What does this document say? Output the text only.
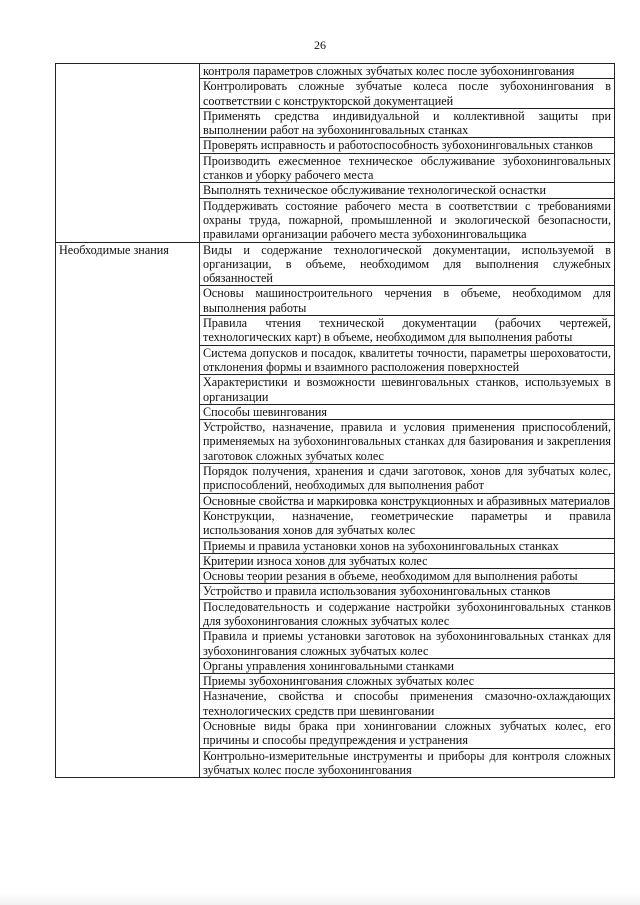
26
	контроля параметров сложных зубчатых колес после зубохонингования
	Контролировать сложные зубчатые колеса после зубохонингования в соответствии с конструкторской документацией
	Применять средства индивидуальной и коллективной защиты при выполнении работ на зубохонинговальных станках
	Проверять исправность и работоспособность зубохонинговальных станков
	Производить ежесменное техническое обслуживание зубохонинговальных станков и уборку рабочего места
	Выполнять техническое обслуживание технологической оснастки
	Поддерживать состояние рабочего места в соответствии с требованиями охраны труда, пожарной, промышленной и экологической безопасности, правилами организации рабочего места зубохонинговальщика
Необходимые знания	Виды и содержание технологической документации, используемой в организации, в объеме, необходимом для выполнения служебных обязанностей
	Основы машиностроительного черчения в объеме, необходимом для выполнения работы
	Правила чтения технической документации (рабочих чертежей, технологических карт) в объеме, необходимом для выполнения работы
	Система допусков и посадок, квалитеты точности, параметры шероховатости, отклонения формы и взаимного расположения поверхностей
	Характеристики и возможности шевинговальных станков, используемых в организации
	Способы шевингования
	Устройство, назначение, правила и условия применения приспособлений, применяемых на зубохонинговальных станках для базирования и закрепления заготовок сложных зубчатых колес
	Порядок получения, хранения и сдачи заготовок, хонов для зубчатых колес, приспособлений, необходимых для выполнения работ
	Основные свойства и маркировка конструкционных и абразивных материалов
	Конструкции, назначение, геометрические параметры и правила использования хонов для зубчатых колес
	Приемы и правила установки хонов на зубохонинговальных станках
	Критерии износа хонов для зубчатых колес
	Основы теории резания в объеме, необходимом для выполнения работы
	Устройство и правила использования зубохонинговальных станков
	Последовательность и содержание настройки зубохонинговальных станков для зубохонингования сложных зубчатых колес
	Правила и приемы установки заготовок на зубохонинговальных станках для зубохонингования сложных зубчатых колес
	Органы управления хонинговальными станками
	Приемы зубохонингования сложных зубчатых колес
	Назначение, свойства и способы применения смазочно-охлаждающих технологических средств при шевинговании
	Основные виды брака при хонинговании сложных зубчатых колес, его причины и способы предупреждения и устранения
	Контрольно-измерительные инструменты и приборы для контроля сложных зубчатых колес после зубохонингования
